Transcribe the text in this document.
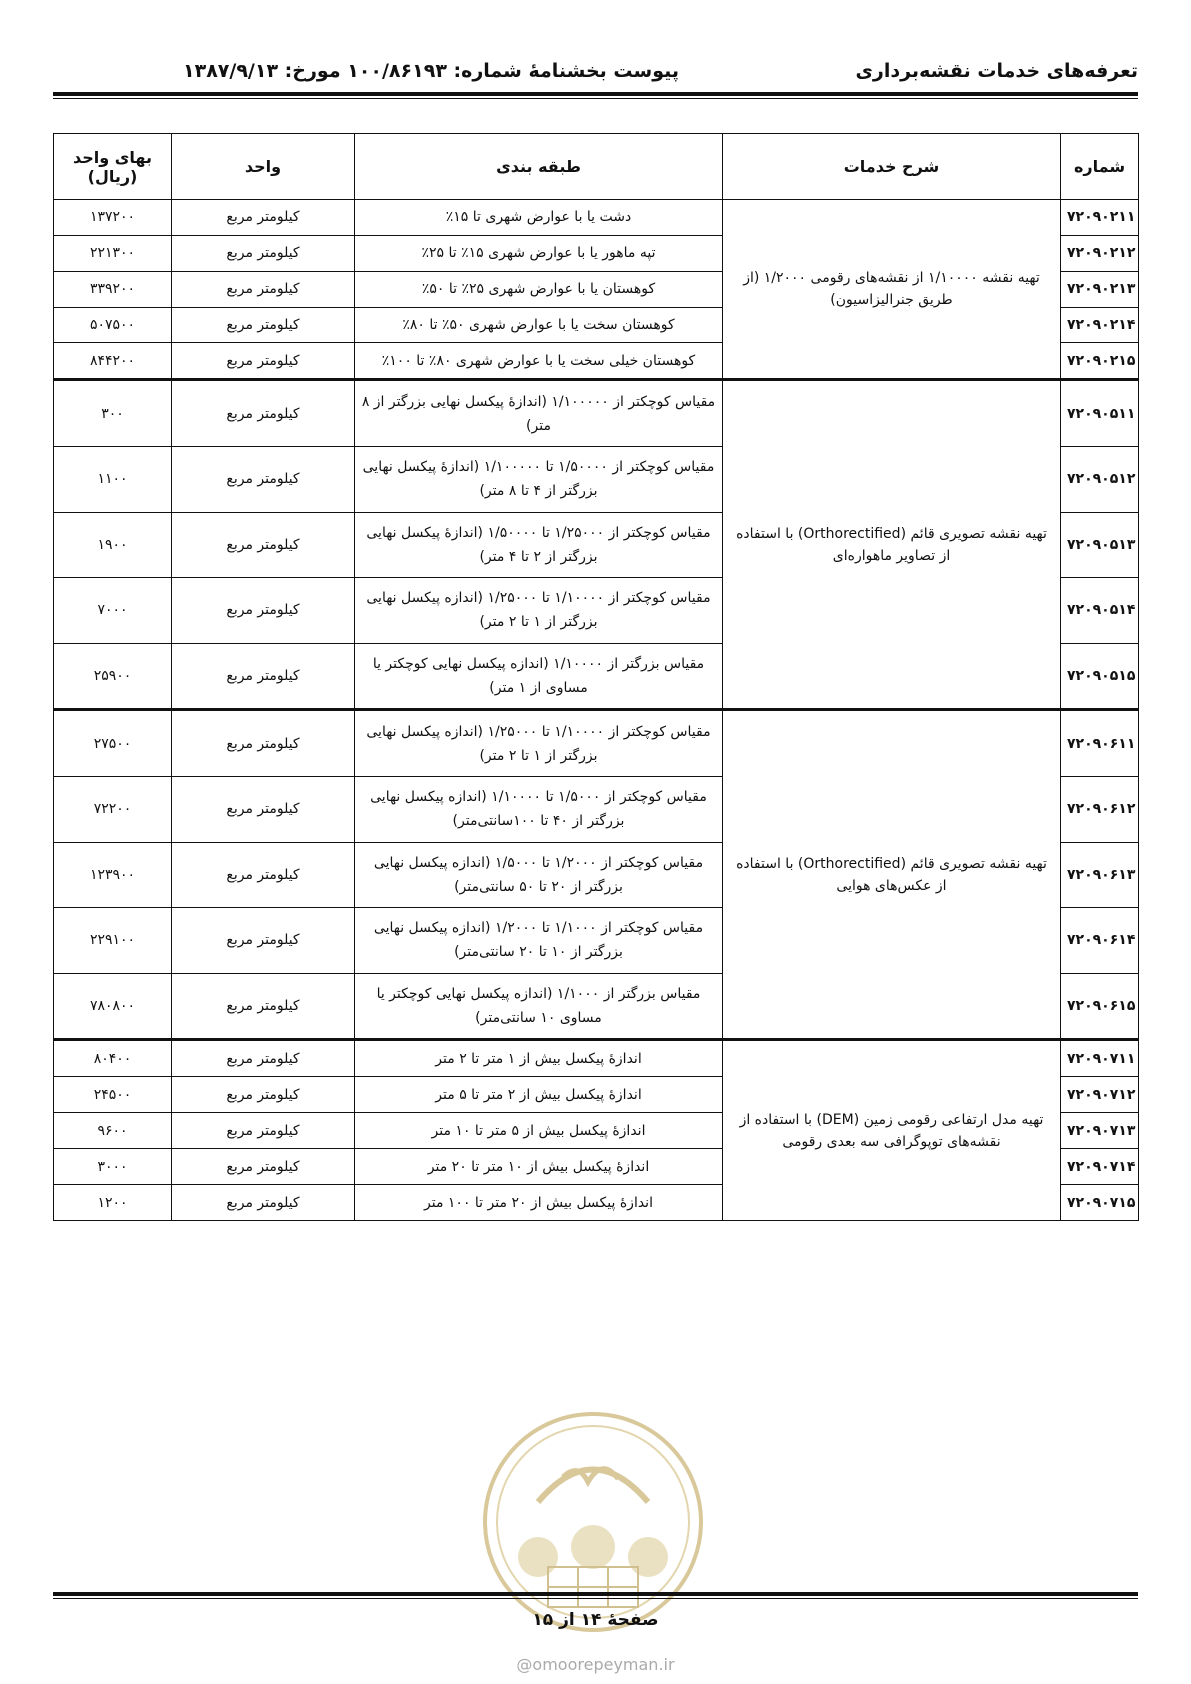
تعرفه‌های خدمات نقشه‌برداری
پیوست بخشنامهٔ شماره: ۱۰۰/۸۶۱۹۳ مورخ: ۱۳۸۷/۹/۱۳
شماره	شرح خدمات	طبقه بندی	واحد	بهای واحد (ریال)
۷۲۰۹۰۲۱۱	تهیه نقشه ۱/۱۰۰۰۰ از نقشه‌های رقومی ۱/۲۰۰۰ (از طریق جنرالیزاسیون)	دشت یا با عوارض شهری تا ۱۵٪	کیلومتر مربع	۱۳۷۲۰۰
۷۲۰۹۰۲۱۲		تپه ماهور یا با عوارض شهری ۱۵٪ تا ۲۵٪	کیلومتر مربع	۲۲۱۳۰۰
۷۲۰۹۰۲۱۳		کوهستان یا با عوارض شهری ۲۵٪ تا ۵۰٪	کیلومتر مربع	۳۳۹۲۰۰
۷۲۰۹۰۲۱۴		کوهستان سخت یا با عوارض شهری ۵۰٪ تا ۸۰٪	کیلومتر مربع	۵۰۷۵۰۰
۷۲۰۹۰۲۱۵		کوهستان خیلی سخت یا با عوارض شهری ۸۰٪ تا ۱۰۰٪	کیلومتر مربع	۸۴۴۲۰۰
۷۲۰۹۰۵۱۱	تهیه نقشه تصویری قائم (Orthorectified) با استفاده از تصاویر ماهواره‌ای	مقیاس کوچکتر از ۱/۱۰۰۰۰۰ (اندازهٔ پیکسل نهایی بزرگتر از ۸ متر)	کیلومتر مربع	۳۰۰
۷۲۰۹۰۵۱۲		مقیاس کوچکتر از ۱/۵۰۰۰۰ تا ۱/۱۰۰۰۰۰ (اندازهٔ پیکسل نهایی بزرگتر از ۴ تا ۸ متر)	کیلومتر مربع	۱۱۰۰
۷۲۰۹۰۵۱۳		مقیاس کوچکتر از ۱/۲۵۰۰۰ تا ۱/۵۰۰۰۰ (اندازهٔ پیکسل نهایی بزرگتر از ۲ تا ۴ متر)	کیلومتر مربع	۱۹۰۰
۷۲۰۹۰۵۱۴		مقیاس کوچکتر از ۱/۱۰۰۰۰ تا ۱/۲۵۰۰۰ (اندازه پیکسل نهایی بزرگتر از ۱ تا ۲ متر)	کیلومتر مربع	۷۰۰۰
۷۲۰۹۰۵۱۵		مقیاس بزرگتر از ۱/۱۰۰۰۰ (اندازه پیکسل نهایی کوچکتر یا مساوی از ۱ متر)	کیلومتر مربع	۲۵۹۰۰
۷۲۰۹۰۶۱۱	تهیه نقشه تصویری قائم (Orthorectified) با استفاده از عکس‌های هوایی	مقیاس کوچکتر از ۱/۱۰۰۰۰ تا ۱/۲۵۰۰۰ (اندازه پیکسل نهایی بزرگتر از ۱ تا ۲ متر)	کیلومتر مربع	۲۷۵۰۰
۷۲۰۹۰۶۱۲		مقیاس کوچکتر از ۱/۵۰۰۰ تا ۱/۱۰۰۰۰ (اندازه پیکسل نهایی بزرگتر از ۴۰ تا ۱۰۰سانتی‌متر)	کیلومتر مربع	۷۲۲۰۰
۷۲۰۹۰۶۱۳		مقیاس کوچکتر از ۱/۲۰۰۰ تا ۱/۵۰۰۰ (اندازه پیکسل نهایی بزرگتر از ۲۰ تا ۵۰ سانتی‌متر)	کیلومتر مربع	۱۲۳۹۰۰
۷۲۰۹۰۶۱۴		مقیاس کوچکتر از ۱/۱۰۰۰ تا ۱/۲۰۰۰ (اندازه پیکسل نهایی بزرگتر از ۱۰ تا ۲۰ سانتی‌متر)	کیلومتر مربع	۲۲۹۱۰۰
۷۲۰۹۰۶۱۵		مقیاس بزرگتر از ۱/۱۰۰۰ (اندازه پیکسل نهایی کوچکتر یا مساوی ۱۰ سانتی‌متر)	کیلومتر مربع	۷۸۰۸۰۰
۷۲۰۹۰۷۱۱	تهیه مدل ارتفاعی رقومی زمین (DEM) با استفاده از نقشه‌های توپوگرافی سه بعدی رقومی	اندازهٔ پیکسل بیش از ۱ متر تا ۲ متر	کیلومتر مربع	۸۰۴۰۰
۷۲۰۹۰۷۱۲		اندازهٔ پیکسل بیش از ۲ متر تا ۵ متر	کیلومتر مربع	۲۴۵۰۰
۷۲۰۹۰۷۱۳		اندازهٔ پیکسل بیش از ۵ متر تا ۱۰ متر	کیلومتر مربع	۹۶۰۰
۷۲۰۹۰۷۱۴		اندازهٔ پیکسل بیش از ۱۰ متر تا ۲۰ متر	کیلومتر مربع	۳۰۰۰
۷۲۰۹۰۷۱۵		اندازهٔ پیکسل بیش از ۲۰ متر تا ۱۰۰ متر	کیلومتر مربع	۱۲۰۰
صفحهٔ ۱۴ از ۱۵
@omoorepeyman.ir
